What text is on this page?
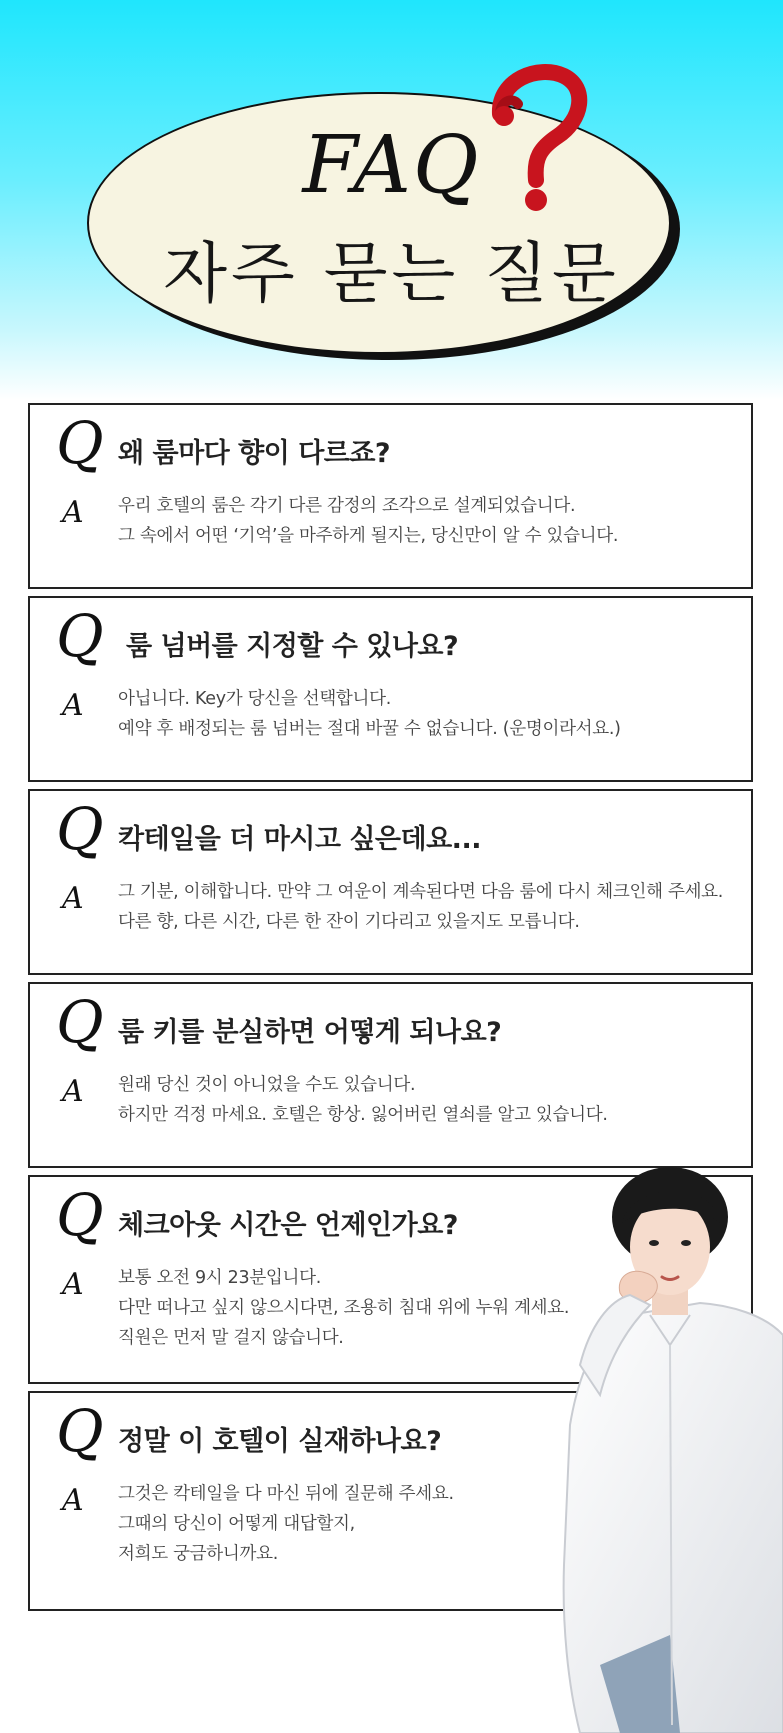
FAQ
자주 묻는 질문
Q 왜 룸마다 향이 다르죠?
A 우리 호텔의 룸은 각기 다른 감정의 조각으로 설계되었습니다.
그 속에서 어떤 ‘기억’을 마주하게 될지는, 당신만이 알 수 있습니다.
Q 룸 넘버를 지정할 수 있나요?
A 아닙니다. Key가 당신을 선택합니다.
예약 후 배정되는 룸 넘버는 절대 바꿀 수 없습니다. (운명이라서요.)
Q 칵테일을 더 마시고 싶은데요...
A 그 기분, 이해합니다. 만약 그 여운이 계속된다면 다음 룸에 다시 체크인해 주세요.
다른 향, 다른 시간, 다른 한 잔이 기다리고 있을지도 모릅니다.
Q 룸 키를 분실하면 어떻게 되나요?
A 원래 당신 것이 아니었을 수도 있습니다.
하지만 걱정 마세요. 호텔은 항상. 잃어버린 열쇠를 알고 있습니다.
Q 체크아웃 시간은 언제인가요?
A 보통 오전 9시 23분입니다.
다만 떠나고 싶지 않으시다면, 조용히 침대 위에 누워 계세요.
직원은 먼저 말 걸지 않습니다.
Q 정말 이 호텔이 실재하나요?
A 그것은 칵테일을 다 마신 뒤에 질문해 주세요.
그때의 당신이 어떻게 대답할지,
저희도 궁금하니까요.
